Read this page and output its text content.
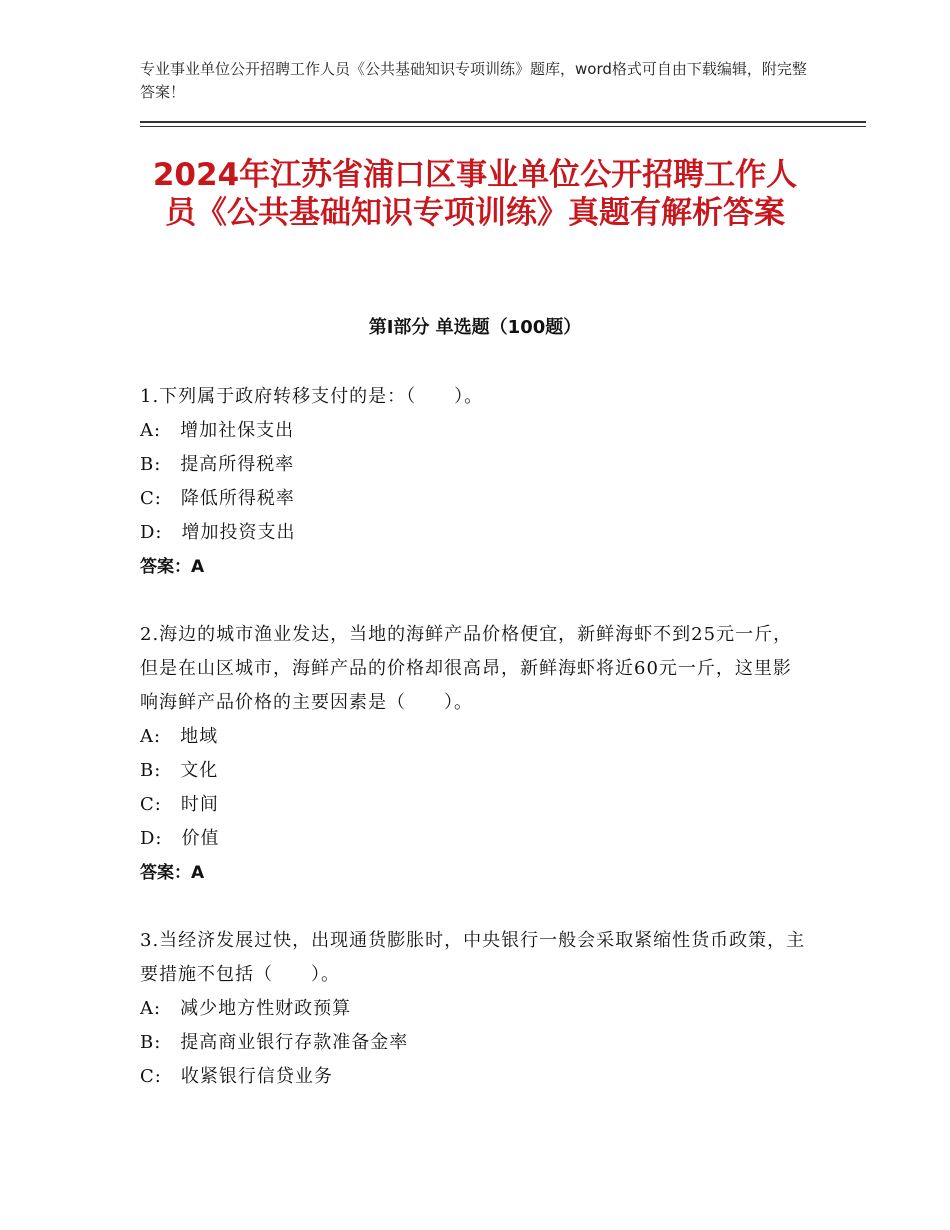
专业事业单位公开招聘工作人员《公共基础知识专项训练》题库，word格式可自由下载编辑，附完整答案！
2024年江苏省浦口区事业单位公开招聘工作人员《公共基础知识专项训练》真题有解析答案
第Ⅰ部分 单选题（100题）
1.下列属于政府转移支付的是：（　　）。
A:　增加社保支出
B:　提高所得税率
C:　降低所得税率
D:　增加投资支出
答案：A
2.海边的城市渔业发达，当地的海鲜产品价格便宜，新鲜海虾不到25元一斤，但是在山区城市，海鲜产品的价格却很高昂，新鲜海虾将近60元一斤，这里影响海鲜产品价格的主要因素是（　　）。
A:　地域
B:　文化
C:　时间
D:　价值
答案：A
3.当经济发展过快，出现通货膨胀时，中央银行一般会采取紧缩性货币政策，主要措施不包括（　　）。
A:　减少地方性财政预算
B:　提高商业银行存款准备金率
C:　收紧银行信贷业务
